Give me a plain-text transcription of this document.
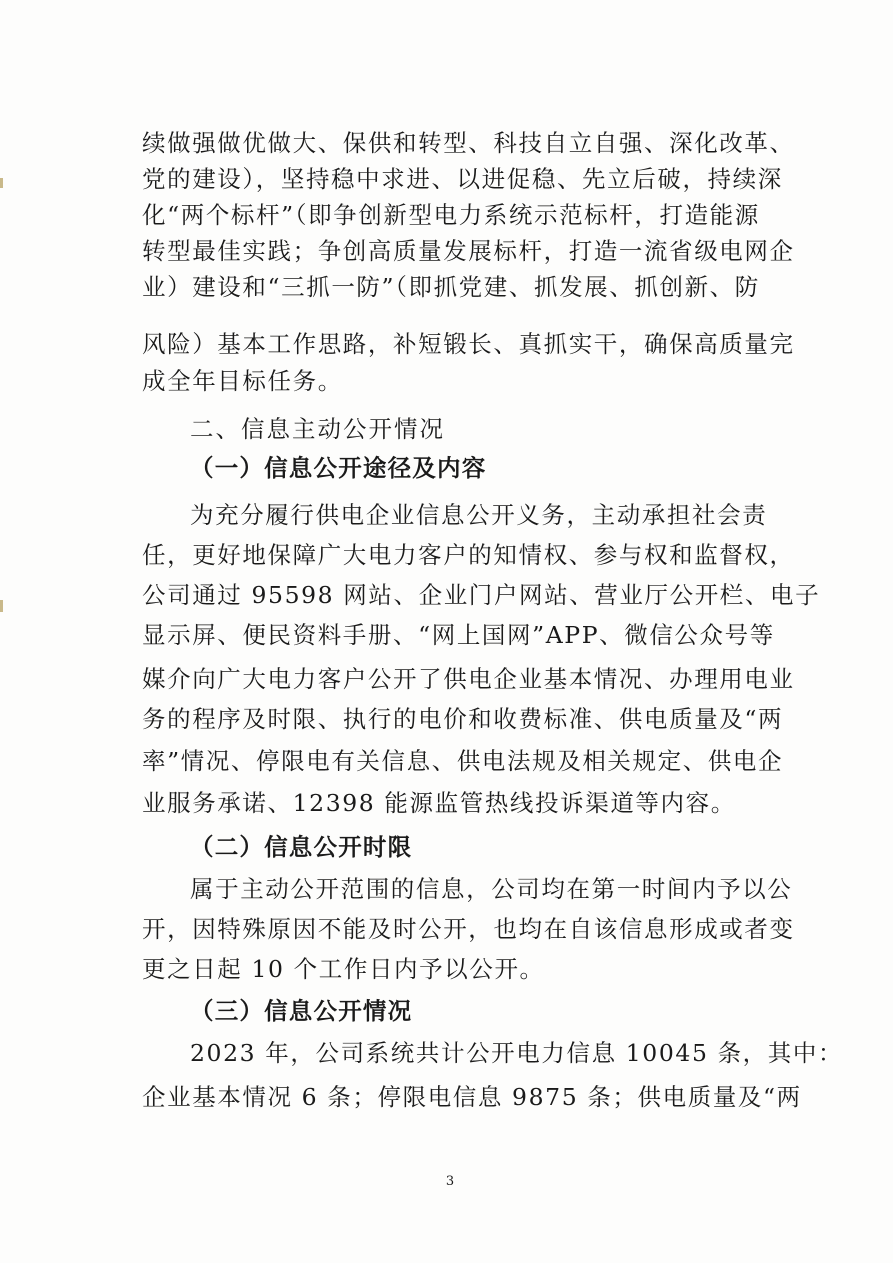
续做强做优做大、保供和转型、科技自立自强、深化改革、
党的建设），坚持稳中求进、以进促稳、先立后破，持续深
化“两个标杆”（即争创新型电力系统示范标杆，打造能源
转型最佳实践；争创高质量发展标杆，打造一流省级电网企
业）建设和“三抓一防”（即抓党建、抓发展、抓创新、防
风险）基本工作思路，补短锻长、真抓实干，确保高质量完
成全年目标任务。
二、信息主动公开情况
（一）信息公开途径及内容
为充分履行供电企业信息公开义务，主动承担社会责
任，更好地保障广大电力客户的知情权、参与权和监督权，
公司通过 95598 网站、企业门户网站、营业厅公开栏、电子
显示屏、便民资料手册、“网上国网”APP、微信公众号等
媒介向广大电力客户公开了供电企业基本情况、办理用电业
务的程序及时限、执行的电价和收费标准、供电质量及“两
率”情况、停限电有关信息、供电法规及相关规定、供电企
业服务承诺、12398 能源监管热线投诉渠道等内容。
（二）信息公开时限
属于主动公开范围的信息，公司均在第一时间内予以公
开，因特殊原因不能及时公开，也均在自该信息形成或者变
更之日起 10 个工作日内予以公开。
（三）信息公开情况
2023 年，公司系统共计公开电力信息 10045 条，其中：
企业基本情况 6 条；停限电信息 9875 条；供电质量及“两
3
